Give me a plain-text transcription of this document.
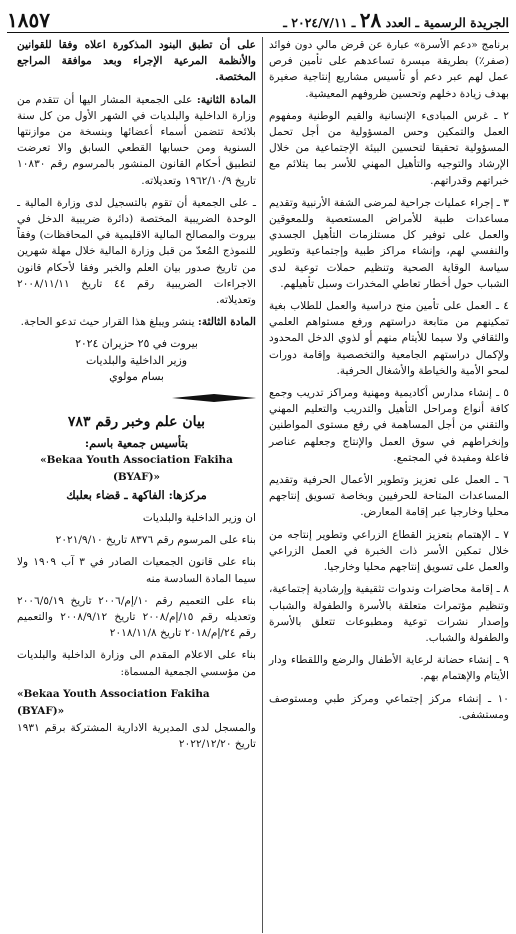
الجريدة الرسمية ـ العدد ٢٨ ـ ٢٠٢٤/٧/١١ ـ
١٨٥٧

برنامج «دعم الأسرة» عبارة عن قرض مالي دون فوائد (صفر٪) بطريقة ميسرة تساعدهم على تأمين فرص عمل لهم عبر دعم أو تأسيس مشاريع إنتاجية صغيرة بهدف زيادة دخلهم وتحسين ظروفهم المعيشية.

٢ ـ غرس المبادىء الإنسانية والقيم الوطنية ومفهوم العمل والتمكين وحس المسؤولية من أجل تحمل المسؤولية تحقيقا لتحسين البيئة الإجتماعية من خلال الإرشاد والتوجيه والتأهيل المهني للأسر بما يتلائم مع خبراتهم وقدراتهم.

٣ ـ إجراء عمليات جراحية لمرضى الشفة الأرنبية وتقديم مساعدات طبية للأمراض المستعصية وللمعوقين والعمل على توفير كل مستلزمات التأهيل الجسدي والنفسي لهم، وإنشاء مراكز طبية وإجتماعية وتطوير سياسة الوقاية الصحية وتنظيم حملات توعية لدى الشباب حول أخطار تعاطي المخدرات وسبل تأهيلهم.

٤ ـ العمل على تأمين منح دراسية والعمل للطلاب بغية تمكينهم من متابعة دراستهم ورفع مستواهم العلمي والثقافي ولا سيما للأيتام منهم أو لذوي الدخل المحدود ولإكمال دراستهم الجامعية والتخصصية وإقامة دورات لمحو الأمية والخياطة والأشغال الحرفية.

٥ ـ إنشاء مدارس أكاديمية ومهنية ومراكز تدريب وجمع كافة أنواع ومراحل التأهيل والتدريب والتعليم المهني والتقني من أجل المساهمة في رفع مستوى المواطنين وإنخراطهم في سوق العمل والإنتاج وجعلهم عناصر فاعلة ومفيدة في المجتمع.

٦ ـ العمل على تعزيز وتطوير الأعمال الحرفية وتقديم المساعدات المتاحة للحرفيين وبخاصة تسويق إنتاجهم محليا وخارجيا عبر إقامة المعارض.

٧ ـ الإهتمام بتعزيز القطاع الزراعي وتطوير إنتاجه من خلال تمكين الأسر ذات الخبرة في العمل الزراعي والعمل على تسويق إنتاجهم محليا وخارجيا.

٨ ـ إقامة محاضرات وندوات تثقيفية وإرشادية إجتماعية، وتنظيم مؤتمرات متعلقة بالأسرة والطفولة والشباب وإصدار نشرات توعية ومطبوعات تتعلق بالأسرة والطفولة والشباب.

٩ ـ إنشاء حضانة لرعاية الأطفال والرضع واللقطاء ودار الأيتام والإهتمام بهم.

١٠ ـ إنشاء مركز إجتماعي ومركز طبي ومستوصف ومستشفى.

على أن تطبق البنود المذكورة اعلاه وفقا للقوانين والأنظمة المرعية الإجراء وبعد موافقة المراجع المختصة.

المادة الثانية: على الجمعية المشار اليها أن تتقدم من وزارة الداخلية والبلديات في الشهر الأول من كل سنة بلائحة تتضمن أسماء أعضائها وبنسخة من موازنتها السنوية ومن حسابها القطعي السابق والا تعرضت لتطبيق أحكام القانون المنشور بالمرسوم رقم ١٠٨٣٠ تاريخ ١٩٦٢/١٠/٩ وتعديلاته.

ـ على الجمعية أن تقوم بالتسجيل لدى وزارة المالية ـ الوحدة الضريبية المختصة (دائرة ضريبية الدخل في بيروت والمصالح المالية الاقليمية في المحافظات) وفقاً للنموذج المُعدّ من قبل وزارة المالية خلال مهلة شهرين من تاريخ صدور بيان العلم والخبر وفقا لأحكام قانون الاجراءات الضريبية رقم ٤٤ تاريخ ٢٠٠٨/١١/١١ وتعديلاته.

المادة الثالثة: ينشر ويبلغ هذا القرار حيث تدعو الحاجة.

بيروت في ٢٥ حزيران ٢٠٢٤

وزير الداخلية والبلديات

بسام مولوي

بيان علم وخبر رقم ٧٨٣

بتأسيس جمعية باسم:

«Bekaa Youth Association Fakiha (BYAF)»

مركزها: الفاكهة ـ قضاء بعلبك

ان وزير الداخلية والبلديات

بناء على المرسوم رقم ٨٣٧٦ تاريخ ٢٠٢١/٩/١٠

بناء على قانون الجمعيات الصادر في ٣ آب ١٩٠٩ ولا سيما المادة السادسة منه

بناء على التعميم رقم ١٠/إم/٢٠٠٦ تاريخ ٢٠٠٦/٥/١٩ وتعديله رقم ١٥/إم/٢٠٠٨ تاريخ ٢٠٠٨/٩/١٢ والتعميم رقم ٢٤/إم/٢٠١٨ تاريخ ٢٠١٨/١١/٨

بناء على الاعلام المقدم الى وزارة الداخلية والبلديات من مؤسسي الجمعية المسماة:

«Bekaa Youth Association Fakiha (BYAF)»

والمسجل لدى المديرية الادارية المشتركة برقم ١٩٣١ تاريخ ٢٠٢٢/١٢/٢٠
